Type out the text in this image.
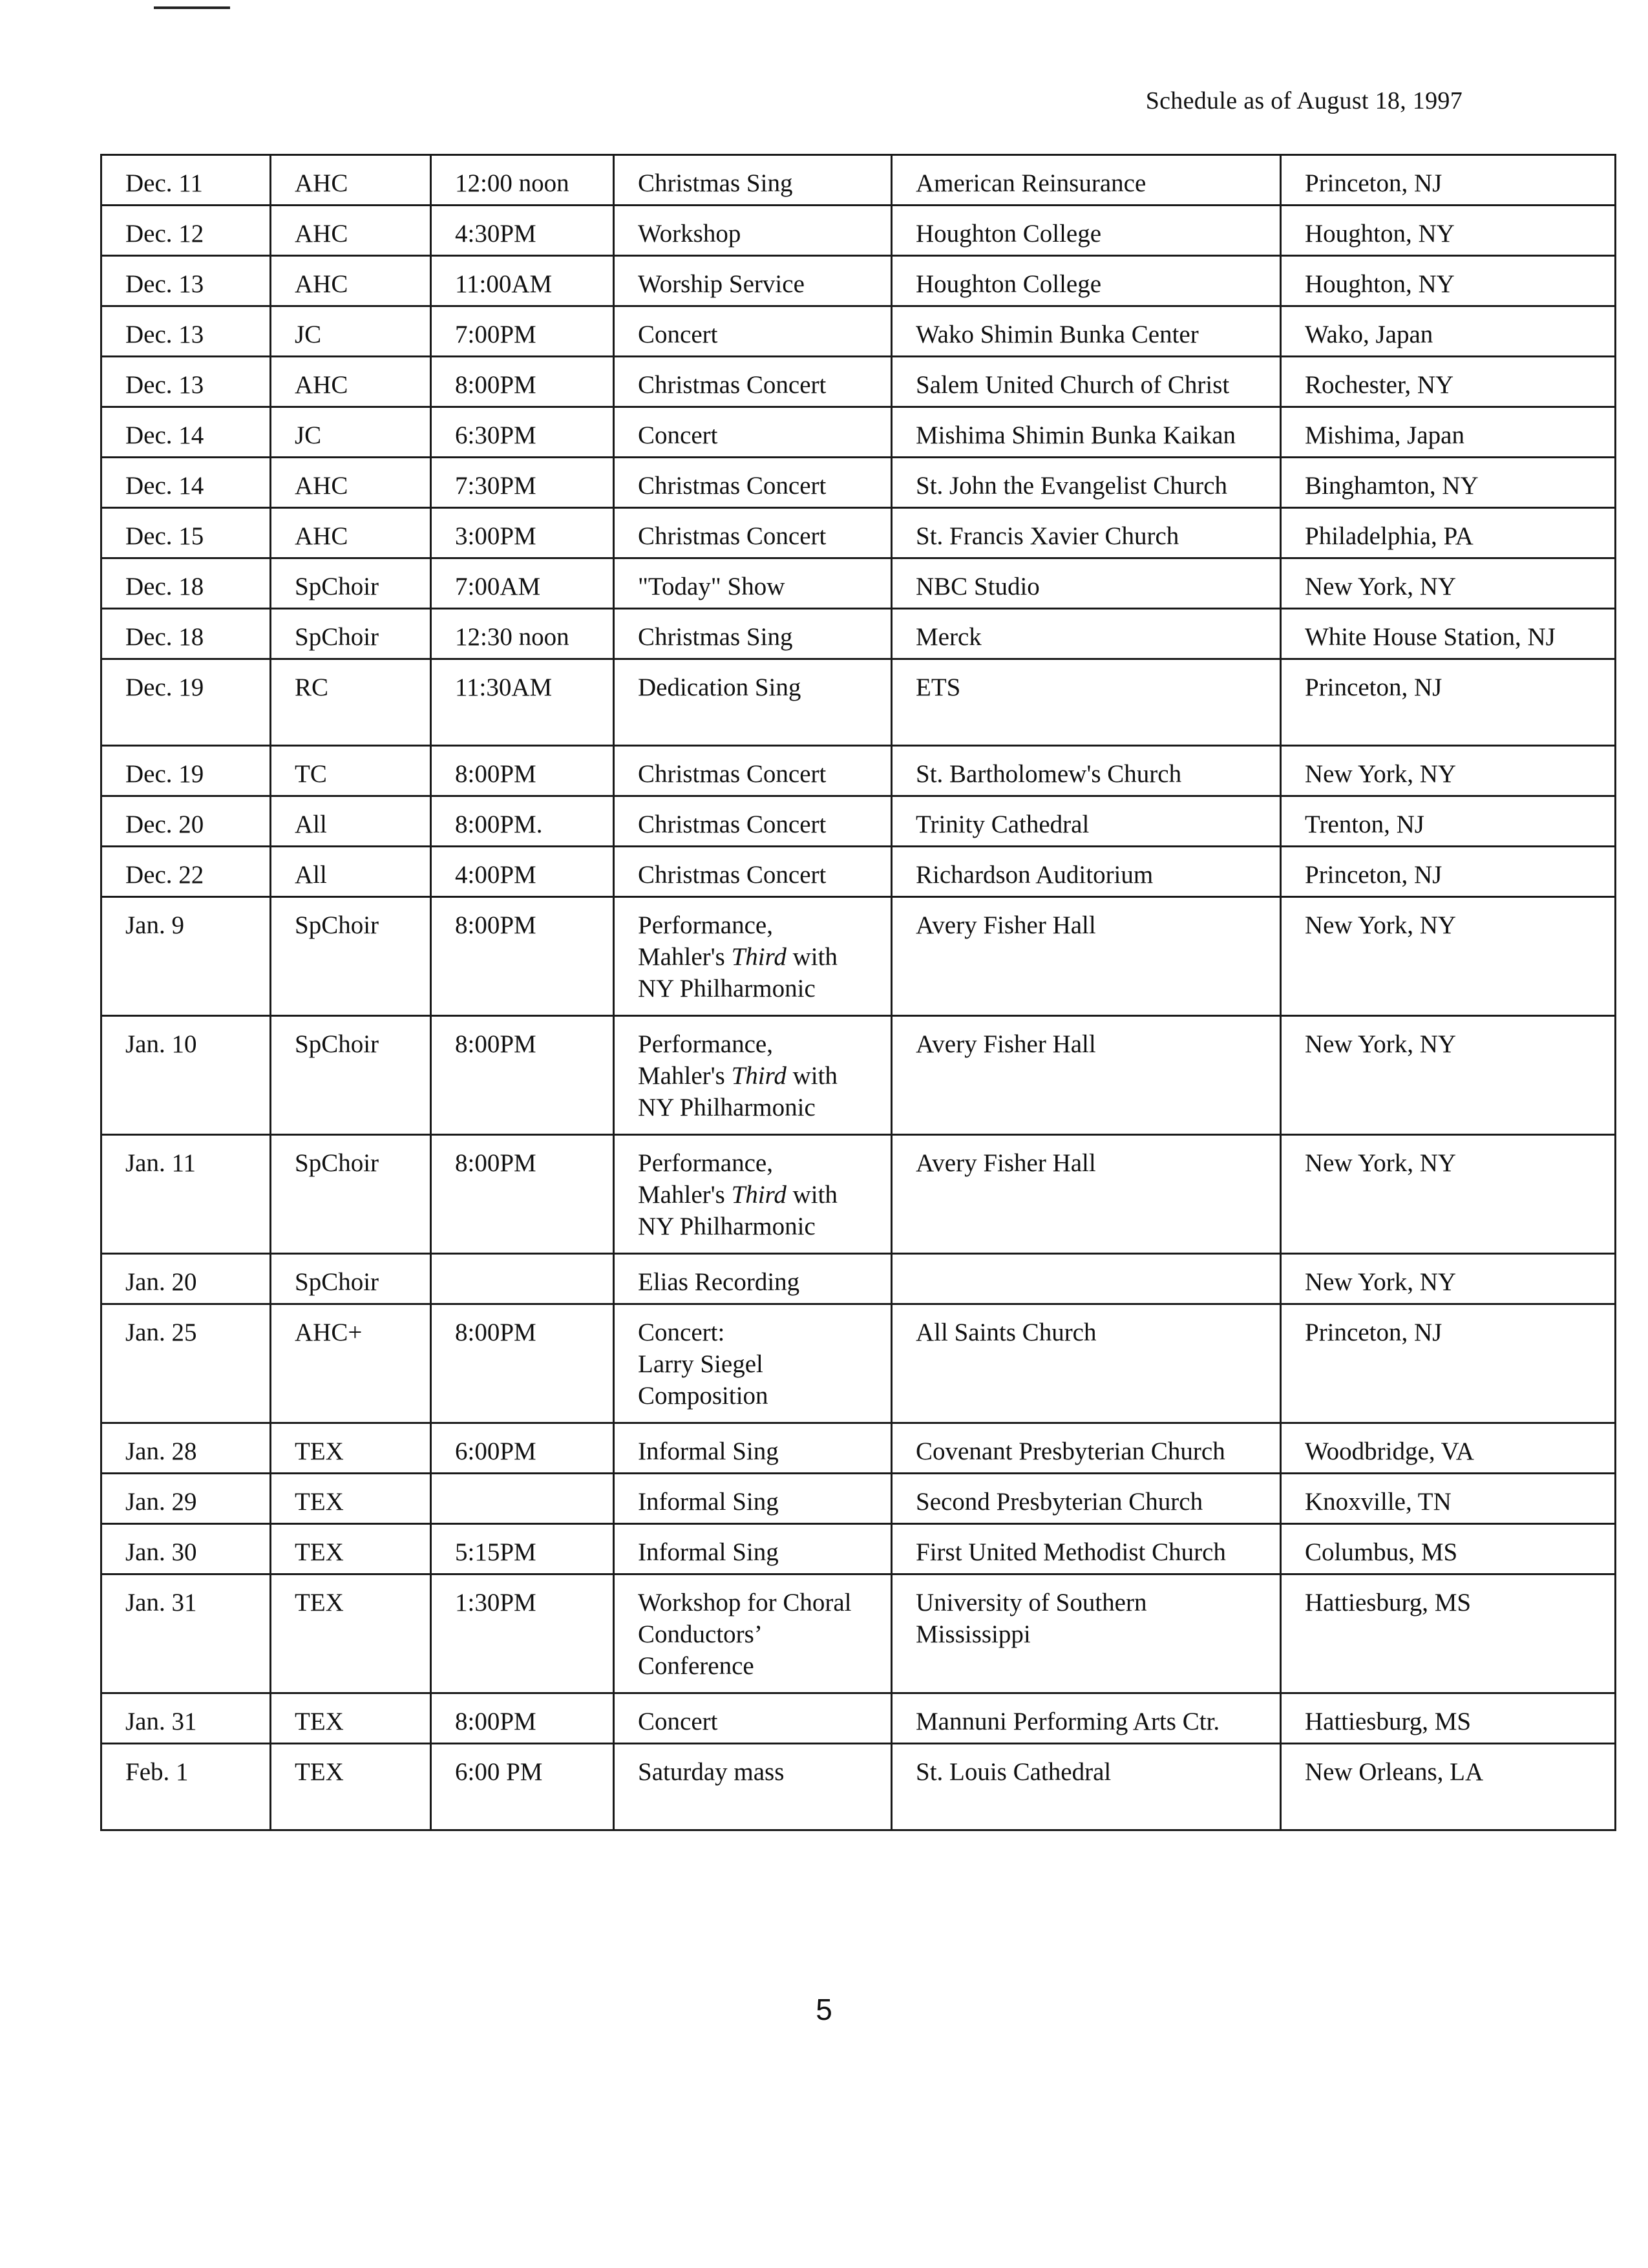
Schedule as of August 18, 1997
Dec. 11	AHC	12:00 noon	Christmas Sing	American Reinsurance	Princeton, NJ
Dec. 12	AHC	4:30PM	Workshop	Houghton College	Houghton, NY
Dec. 13	AHC	11:00AM	Worship Service	Houghton College	Houghton, NY
Dec. 13	JC	7:00PM	Concert	Wako Shimin Bunka Center	Wako, Japan
Dec. 13	AHC	8:00PM	Christmas Concert	Salem United Church of Christ	Rochester, NY
Dec. 14	JC	6:30PM	Concert	Mishima Shimin Bunka Kaikan	Mishima, Japan
Dec. 14	AHC	7:30PM	Christmas Concert	St. John the Evangelist Church	Binghamton, NY
Dec. 15	AHC	3:00PM	Christmas Concert	St. Francis Xavier Church	Philadelphia, PA
Dec. 18	SpChoir	7:00AM	"Today" Show	NBC Studio	New York, NY
Dec. 18	SpChoir	12:30 noon	Christmas Sing	Merck	White House Station, NJ
Dec. 19	RC	11:30AM	Dedication Sing	ETS	Princeton, NJ
Dec. 19	TC	8:00PM	Christmas Concert	St. Bartholomew's Church	New York, NY
Dec. 20	All	8:00PM.	Christmas Concert	Trinity Cathedral	Trenton, NJ
Dec. 22	All	4:00PM	Christmas Concert	Richardson Auditorium	Princeton, NJ
Jan. 9	SpChoir	8:00PM	Performance,
Mahler's Third with
NY Philharmonic	Avery Fisher Hall	New York, NY
Jan. 10	SpChoir	8:00PM	Performance,
Mahler's Third with
NY Philharmonic	Avery Fisher Hall	New York, NY
Jan. 11	SpChoir	8:00PM	Performance,
Mahler's Third with
NY Philharmonic	Avery Fisher Hall	New York, NY
Jan. 20	SpChoir		Elias Recording		New York, NY
Jan. 25	AHC+	8:00PM	Concert:
Larry Siegel
Composition	All Saints Church	Princeton, NJ
Jan. 28	TEX	6:00PM	Informal Sing	Covenant Presbyterian Church	Woodbridge, VA
Jan. 29	TEX		Informal Sing	Second Presbyterian Church	Knoxville, TN
Jan. 30	TEX	5:15PM	Informal Sing	First United Methodist Church	Columbus, MS
Jan. 31	TEX	1:30PM	Workshop for Choral
Conductors’
Conference	University of Southern
Mississippi	Hattiesburg, MS
Jan. 31	TEX	8:00PM	Concert	Mannuni Performing Arts Ctr.	Hattiesburg, MS
Feb. 1	TEX	6:00 PM	Saturday mass	St. Louis Cathedral	New Orleans, LA
5
